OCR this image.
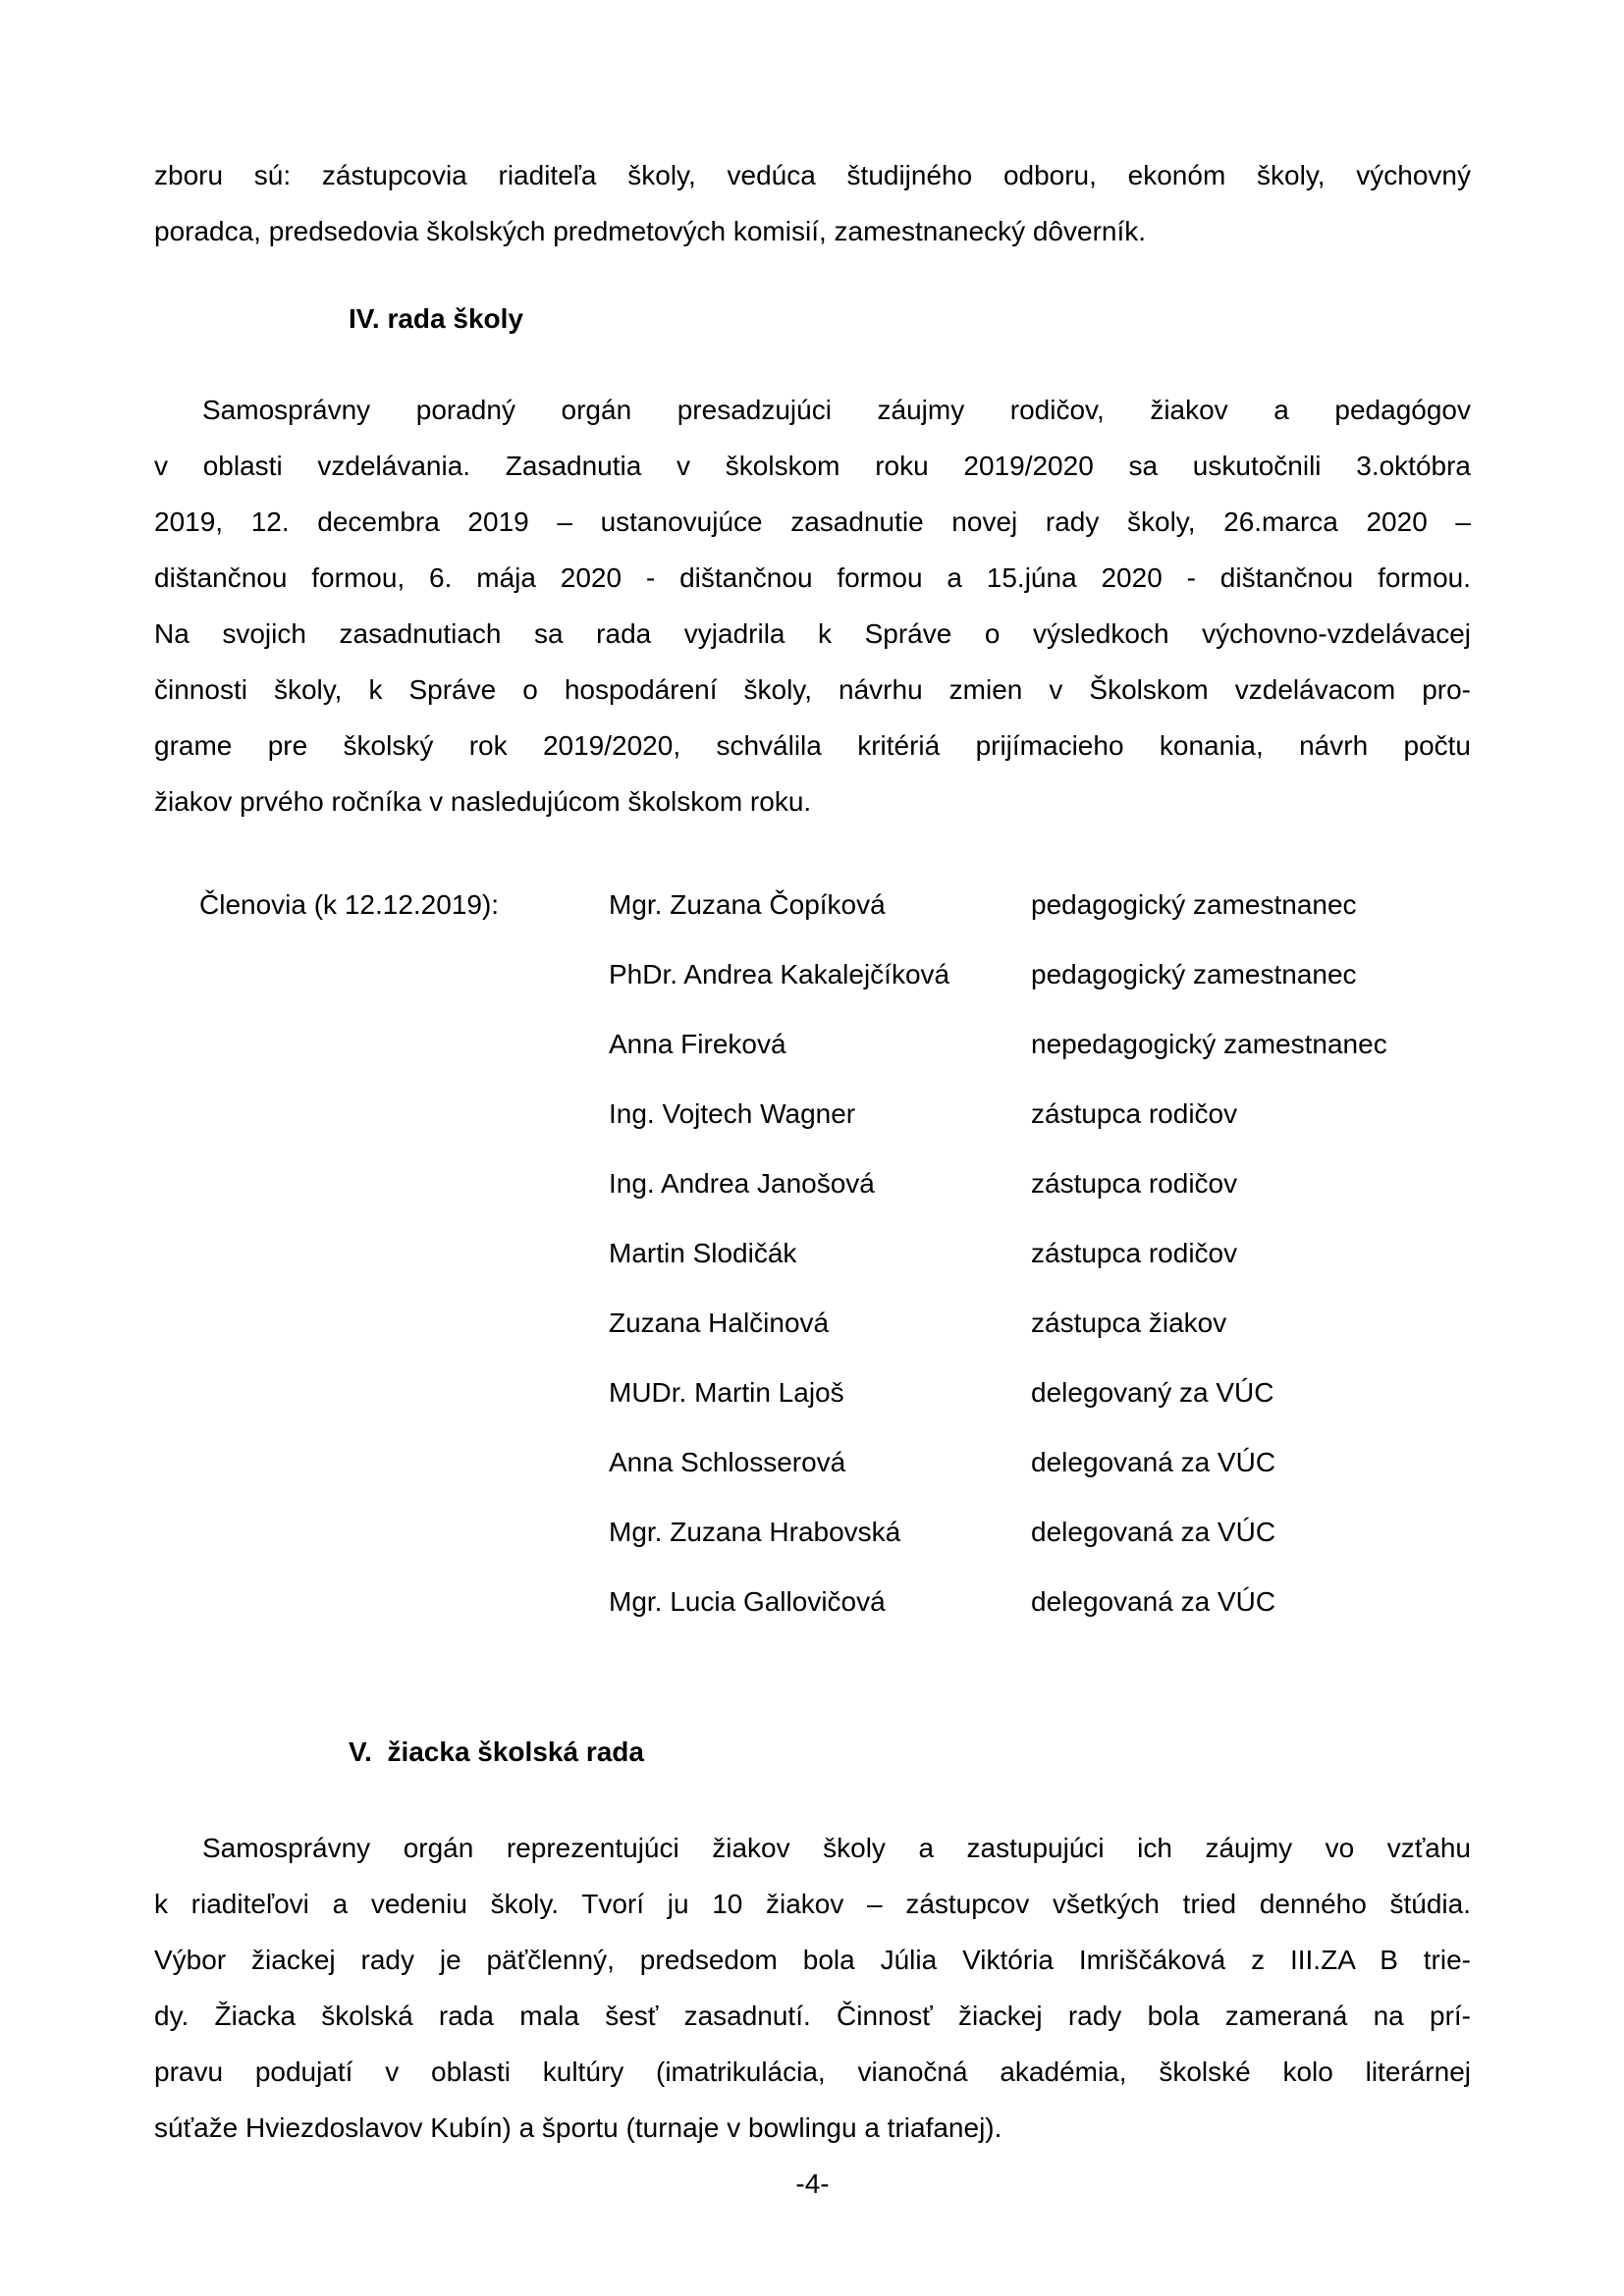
zboru sú: zástupcovia riaditeľa školy, vedúca študijného odboru, ekonóm školy, výchovný
poradca, predsedovia školských predmetových komisií, zamestnanecký dôverník.
IV. rada školy
Samosprávny poradný orgán presadzujúci záujmy rodičov, žiakov a pedagógov
v oblasti vzdelávania. Zasadnutia v školskom roku 2019/2020 sa uskutočnili 3.októbra
2019, 12. decembra 2019 – ustanovujúce zasadnutie novej rady školy, 26.marca 2020 –
dištančnou formou, 6. mája 2020 - dištančnou formou a 15.júna 2020 - dištančnou formou.
Na svojich zasadnutiach sa rada vyjadrila k Správe o výsledkoch výchovno-vzdelávacej
činnosti školy, k Správe o hospodárení školy, návrhu zmien v Školskom vzdelávacom pro-
grame pre školský rok 2019/2020, schválila kritériá prijímacieho konania, návrh počtu
žiakov prvého ročníka v nasledujúcom školskom roku.
Členovia (k 12.12.2019):	Mgr. Zuzana Čopíková	pedagogický zamestnanec
PhDr. Andrea Kakalejčíková	pedagogický zamestnanec
Anna Fireková	nepedagogický zamestnanec
Ing. Vojtech Wagner	zástupca rodičov
Ing. Andrea Janošová	zástupca rodičov
Martin Slodičák	zástupca rodičov
Zuzana Halčinová	zástupca žiakov
MUDr. Martin Lajoš	delegovaný za VÚC
Anna Schlosserová	delegovaná za VÚC
Mgr. Zuzana Hrabovská	delegovaná za VÚC
Mgr. Lucia Gallovičová	delegovaná za VÚC
V.  žiacka školská rada
Samosprávny orgán reprezentujúci žiakov školy a zastupujúci ich záujmy vo vzťahu
k riaditeľovi a vedeniu školy. Tvorí ju 10 žiakov – zástupcov všetkých tried denného štúdia.
Výbor žiackej rady je päťčlenný, predsedom bola Júlia Viktória Imriščáková z III.ZA B trie-
dy. Žiacka školská rada mala šesť zasadnutí. Činnosť žiackej rady bola zameraná na prí-
pravu podujatí v oblasti kultúry (imatrikulácia, vianočná akadémia, školské kolo literárnej
súťaže Hviezdoslavov Kubín) a športu (turnaje v bowlingu a triafanej).
-4-
